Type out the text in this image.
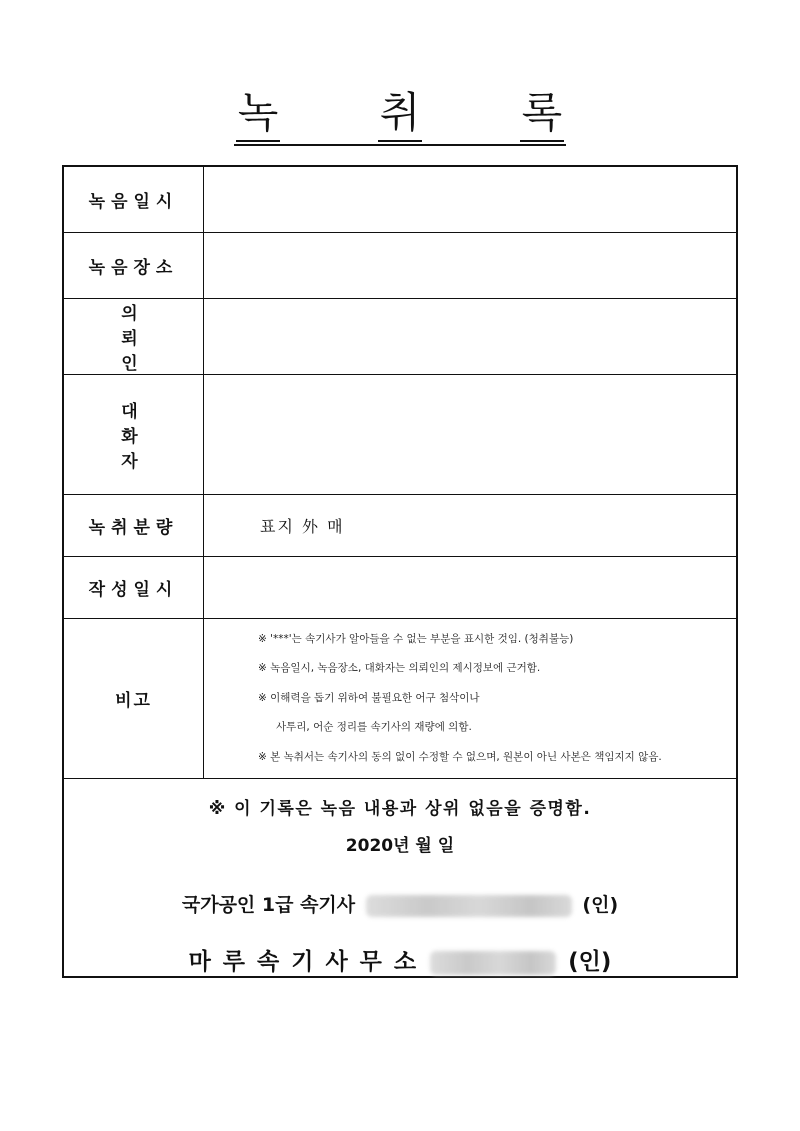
녹 취 록
녹음일시	
녹음장소	
의 뢰 인	
대 화 자	
녹취분량	표지 外 매

작성일시	
비고	※ '***'는 속기사가 알아들을 수 없는 부분을 표시한 것임. (청취불능)
※ 녹음일시, 녹음장소, 대화자는 의뢰인의 제시정보에 근거함.
※ 이해력을 돕기 위하여 불필요한 어구 첨삭이나
사투리, 어순 정리를 속기사의 재량에 의함.
※ 본 녹취서는 속기사의 동의 없이 수정할 수 없으며, 원본이 아닌 사본은 책임지지 않음.

※ 이 기록은 녹음 내용과 상위 없음을 증명함.
2020년 월 일
국가공인 1급 속기사 (인)
마루속기사무소 (인)	
